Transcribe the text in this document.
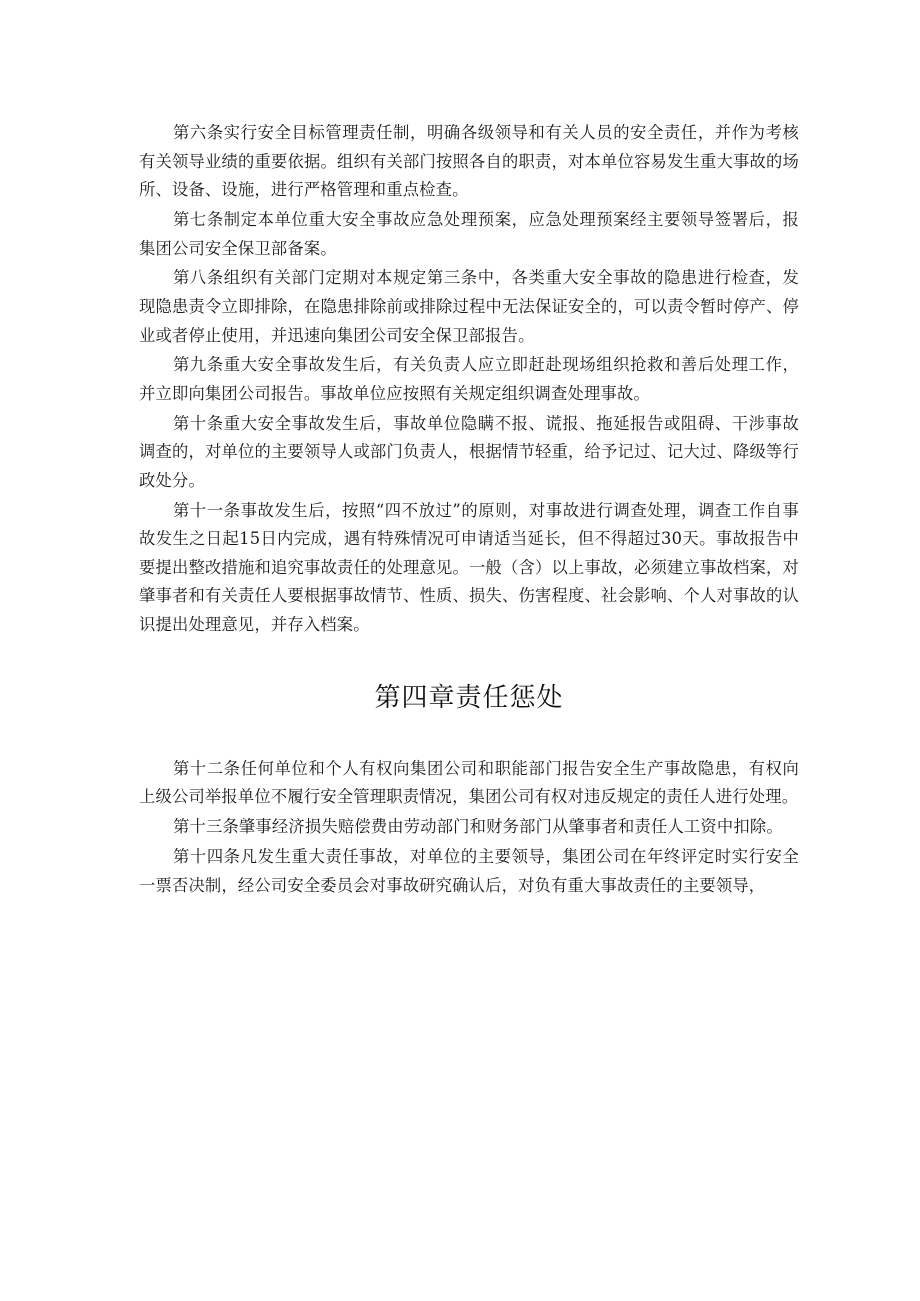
第六条实行安全目标管理责任制，明确各级领导和有关人员的安全责任，并作为考核有关领导业绩的重要依据。组织有关部门按照各自的职责，对本单位容易发生重大事故的场所、设备、设施，进行严格管理和重点检查。

第七条制定本单位重大安全事故应急处理预案，应急处理预案经主要领导签署后，报集团公司安全保卫部备案。

第八条组织有关部门定期对本规定第三条中，各类重大安全事故的隐患进行检查，发现隐患责令立即排除，在隐患排除前或排除过程中无法保证安全的，可以责令暂时停产、停业或者停止使用，并迅速向集团公司安全保卫部报告。

第九条重大安全事故发生后，有关负责人应立即赶赴现场组织抢救和善后处理工作，并立即向集团公司报告。事故单位应按照有关规定组织调查处理事故。

第十条重大安全事故发生后，事故单位隐瞒不报、谎报、拖延报告或阻碍、干涉事故调查的，对单位的主要领导人或部门负责人，根据情节轻重，给予记过、记大过、降级等行政处分。

第十一条事故发生后，按照“四不放过”的原则，对事故进行调查处理，调查工作自事故发生之日起15日内完成，遇有特殊情况可申请适当延长，但不得超过30天。事故报告中要提出整改措施和追究事故责任的处理意见。一般（含）以上事故，必须建立事故档案，对肇事者和有关责任人要根据事故情节、性质、损失、伤害程度、社会影响、个人对事故的认识提出处理意见，并存入档案。

第四章责任惩处

第十二条任何单位和个人有权向集团公司和职能部门报告安全生产事故隐患，有权向上级公司举报单位不履行安全管理职责情况，集团公司有权对违反规定的责任人进行处理。

第十三条肇事经济损失赔偿费由劳动部门和财务部门从肇事者和责任人工资中扣除。

第十四条凡发生重大责任事故，对单位的主要领导，集团公司在年终评定时实行安全一票否决制，经公司安全委员会对事故研究确认后，对负有重大事故责任的主要领导，
